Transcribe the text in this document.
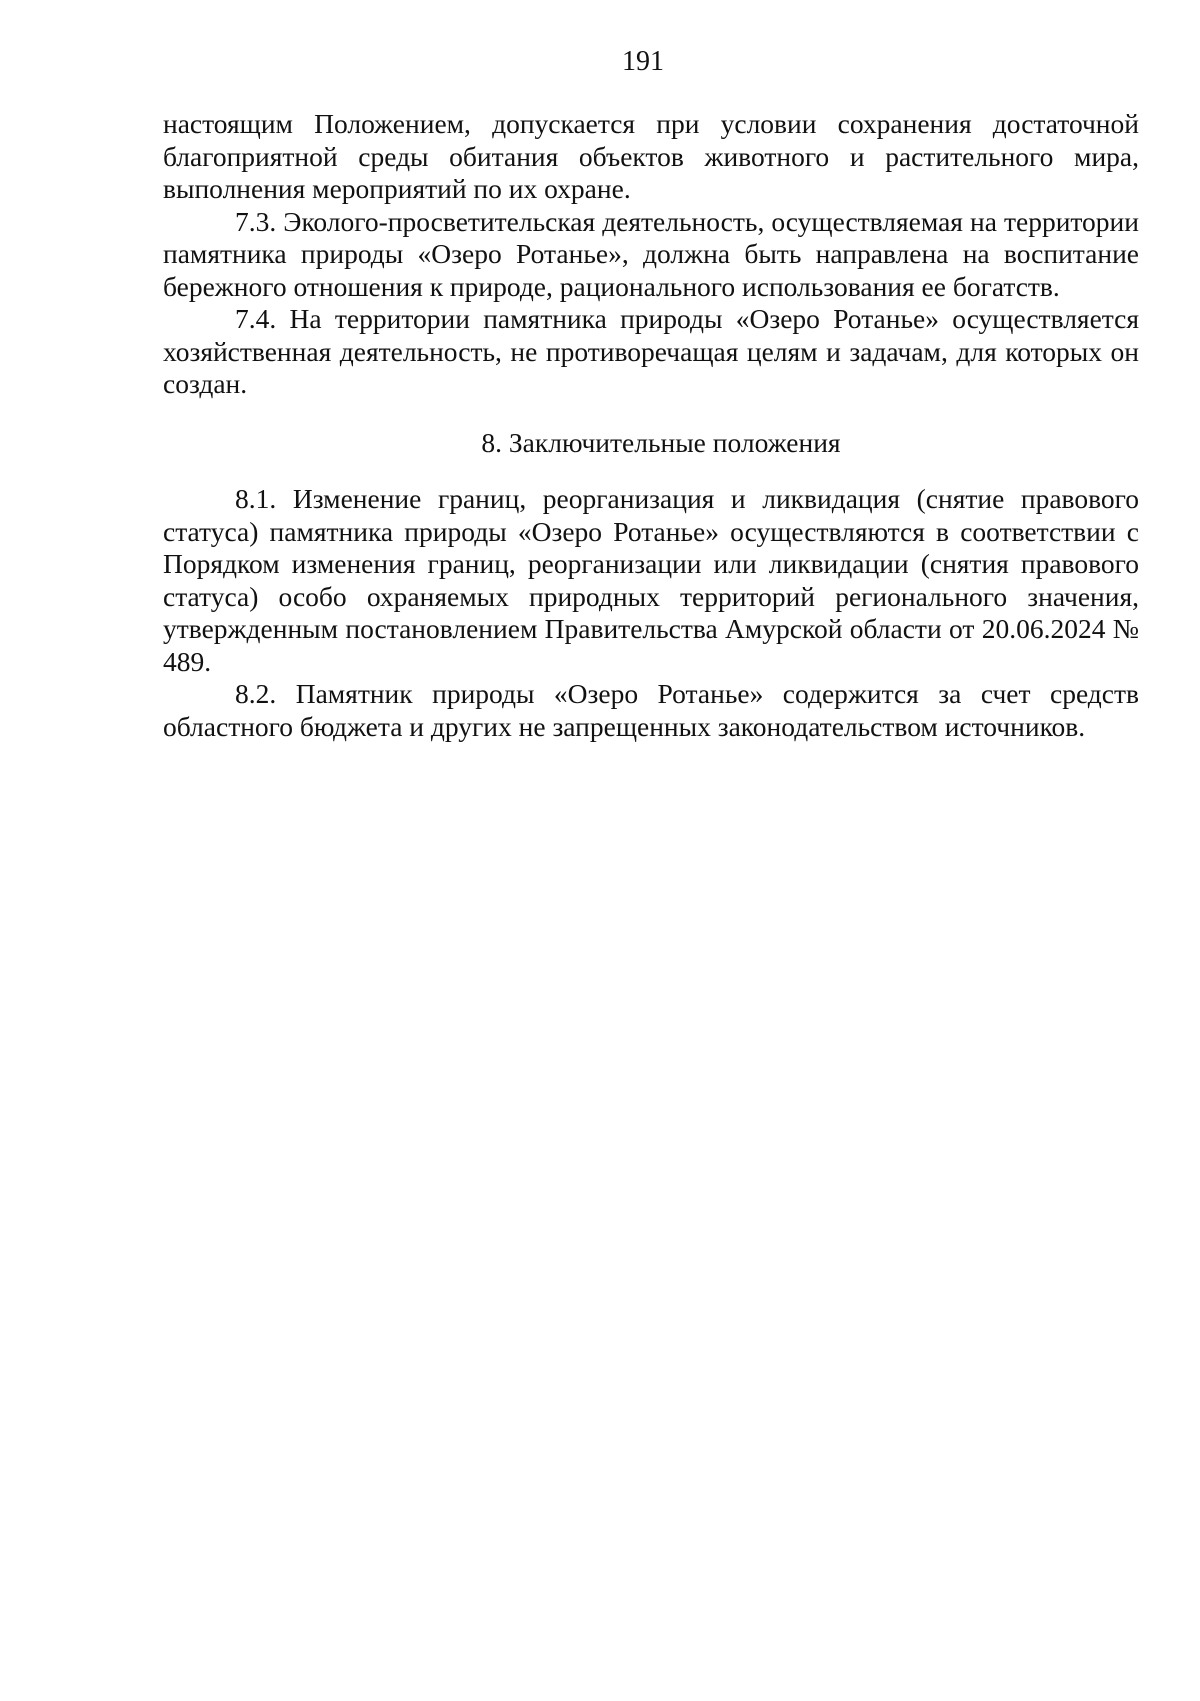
191

настоящим Положением, допускается при условии сохранения достаточной благоприятной среды обитания объектов животного и растительного мира, выполнения мероприятий по их охране.

7.3. Эколого-просветительская деятельность, осуществляемая на территории памятника природы «Озеро Ротанье», должна быть направлена на воспитание бережного отношения к природе, рационального использования ее богатств.

7.4. На территории памятника природы «Озеро Ротанье» осуществляется хозяйственная деятельность, не противоречащая целям и задачам, для которых он создан.

8. Заключительные положения

8.1. Изменение границ, реорганизация и ликвидация (снятие правового статуса) памятника природы «Озеро Ротанье» осуществляются в соответствии с Порядком изменения границ, реорганизации или ликвидации (снятия правового статуса) особо охраняемых природных территорий регионального значения, утвержденным постановлением Правительства Амурской области от 20.06.2024 № 489.

8.2. Памятник природы «Озеро Ротанье» содержится за счет средств областного бюджета и других не запрещенных законодательством источников.
